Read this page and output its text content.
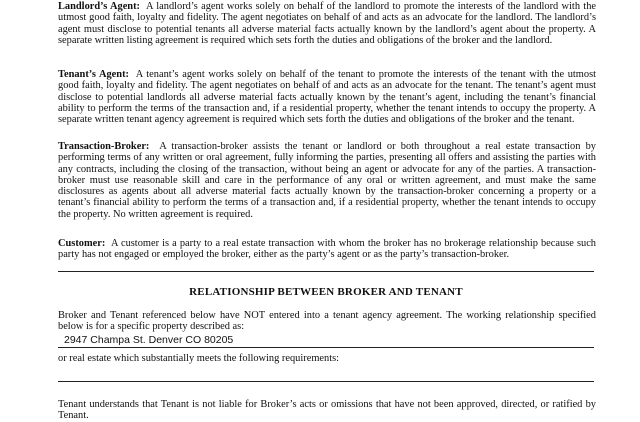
Landlord’s Agent: A landlord’s agent works solely on behalf of the landlord to promote the interests of the landlord with the utmost good faith, loyalty and fidelity. The agent negotiates on behalf of and acts as an advocate for the landlord. The landlord’s agent must disclose to potential tenants all adverse material facts actually known by the landlord’s agent about the property. A separate written listing agreement is required which sets forth the duties and obligations of the broker and the landlord.

Tenant’s Agent: A tenant’s agent works solely on behalf of the tenant to promote the interests of the tenant with the utmost good faith, loyalty and fidelity. The agent negotiates on behalf of and acts as an advocate for the tenant. The tenant’s agent must disclose to potential landlords all adverse material facts actually known by the tenant’s agent, including the tenant’s financial ability to perform the terms of the transaction and, if a residential property, whether the tenant intends to occupy the property. A separate written tenant agency agreement is required which sets forth the duties and obligations of the broker and the tenant.

Transaction-Broker: A transaction-broker assists the tenant or landlord or both throughout a real estate transaction by performing terms of any written or oral agreement, fully informing the parties, presenting all offers and assisting the parties with any contracts, including the closing of the transaction, without being an agent or advocate for any of the parties. A transaction-broker must use reasonable skill and care in the performance of any oral or written agreement, and must make the same disclosures as agents about all adverse material facts actually known by the transaction-broker concerning a property or a tenant’s financial ability to perform the terms of a transaction and, if a residential property, whether the tenant intends to occupy the property. No written agreement is required.

Customer: A customer is a party to a real estate transaction with whom the broker has no brokerage relationship because such party has not engaged or employed the broker, either as the party’s agent or as the party’s transaction-broker.

RELATIONSHIP BETWEEN BROKER AND TENANT

Broker and Tenant referenced below have NOT entered into a tenant agency agreement. The working relationship specified below is for a specific property described as:

2947 Champa St. Denver CO 80205

or real estate which substantially meets the following requirements:

Tenant understands that Tenant is not liable for Broker’s acts or omissions that have not been approved, directed, or ratified by Tenant.
